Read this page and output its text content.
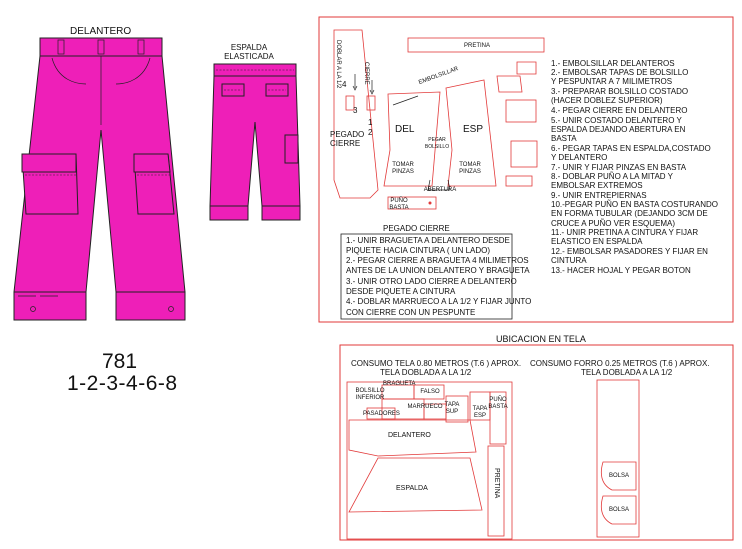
DELANTERO
ESPALDA
ELASTICADA
781
1-2-3-4-6-8
PRETINA
DOBLAR A LA 1/2	CIERRE
PEGADO
CIERRE
EMBOLSILLAR
DEL	ESP
PEGAR
BOLSILLO
TOMAR
PINZAS
TOMAR
PINZAS
ABERTURA
PUÑO
BASTA
1
2
3
4
1.- EMBOLSILLAR DELANTEROS
2.- EMBOLSAR TAPAS DE BOLSILLO
Y PESPUNTAR A 7 MILIMETROS
3.- PREPARAR BOLSILLO COSTADO
(HACER DOBLEZ SUPERIOR)
4.- PEGAR CIERRE EN DELANTERO
5.- UNIR COSTADO DELANTERO Y
ESPALDA DEJANDO ABERTURA EN
BASTA
6.- PEGAR TAPAS EN ESPALDA,COSTADO
Y DELANTERO
7.- UNIR Y FIJAR PINZAS EN BASTA
8.- DOBLAR PUÑO A LA MITAD Y
EMBOLSAR EXTREMOS
9.- UNIR ENTREPIERNAS
10.-PEGAR PUÑO EN BASTA COSTURANDO
EN FORMA TUBULAR (DEJANDO 3CM DE
CRUCE A PUÑO VER ESQUEMA)
11.- UNIR PRETINA A CINTURA Y FIJAR
ELASTICO EN ESPALDA
12.- EMBOLSAR PASADORES Y FIJAR EN
CINTURA
13.- HACER HOJAL Y PEGAR BOTON
PEGADO CIERRE
1.- UNIR BRAGUETA A DELANTERO DESDE
PIQUETE HACIA CINTURA ( UN LADO)
2.- PEGAR CIERRE A BRAGUETA 4 MILIMETROS
ANTES DE LA UNION DELANTERO Y BRAGUETA
3.- UNIR OTRO LADO CIERRE A DELANTERO
DESDE PIQUETE A CINTURA
4.- DOBLAR MARRUECO A LA 1/2 Y FIJAR JUNTO
CON CIERRE CON UN PESPUNTE
UBICACION EN TELA
CONSUMO TELA 0.80 METROS (T.6 ) APROX.
TELA DOBLADA A LA 1/2
CONSUMO FORRO 0.25 METROS (T.6 ) APROX.
TELA DOBLADA A LA 1/2
BRAGUETA
BOLSILLO
INFERIOR
FALSO
PASADORES
MARRUECO TAPA
SUP	TAPA
ESP
PUÑO
BASTA
DELANTERO
ESPALDA	PRETINA	BOLSA
BOLSA
